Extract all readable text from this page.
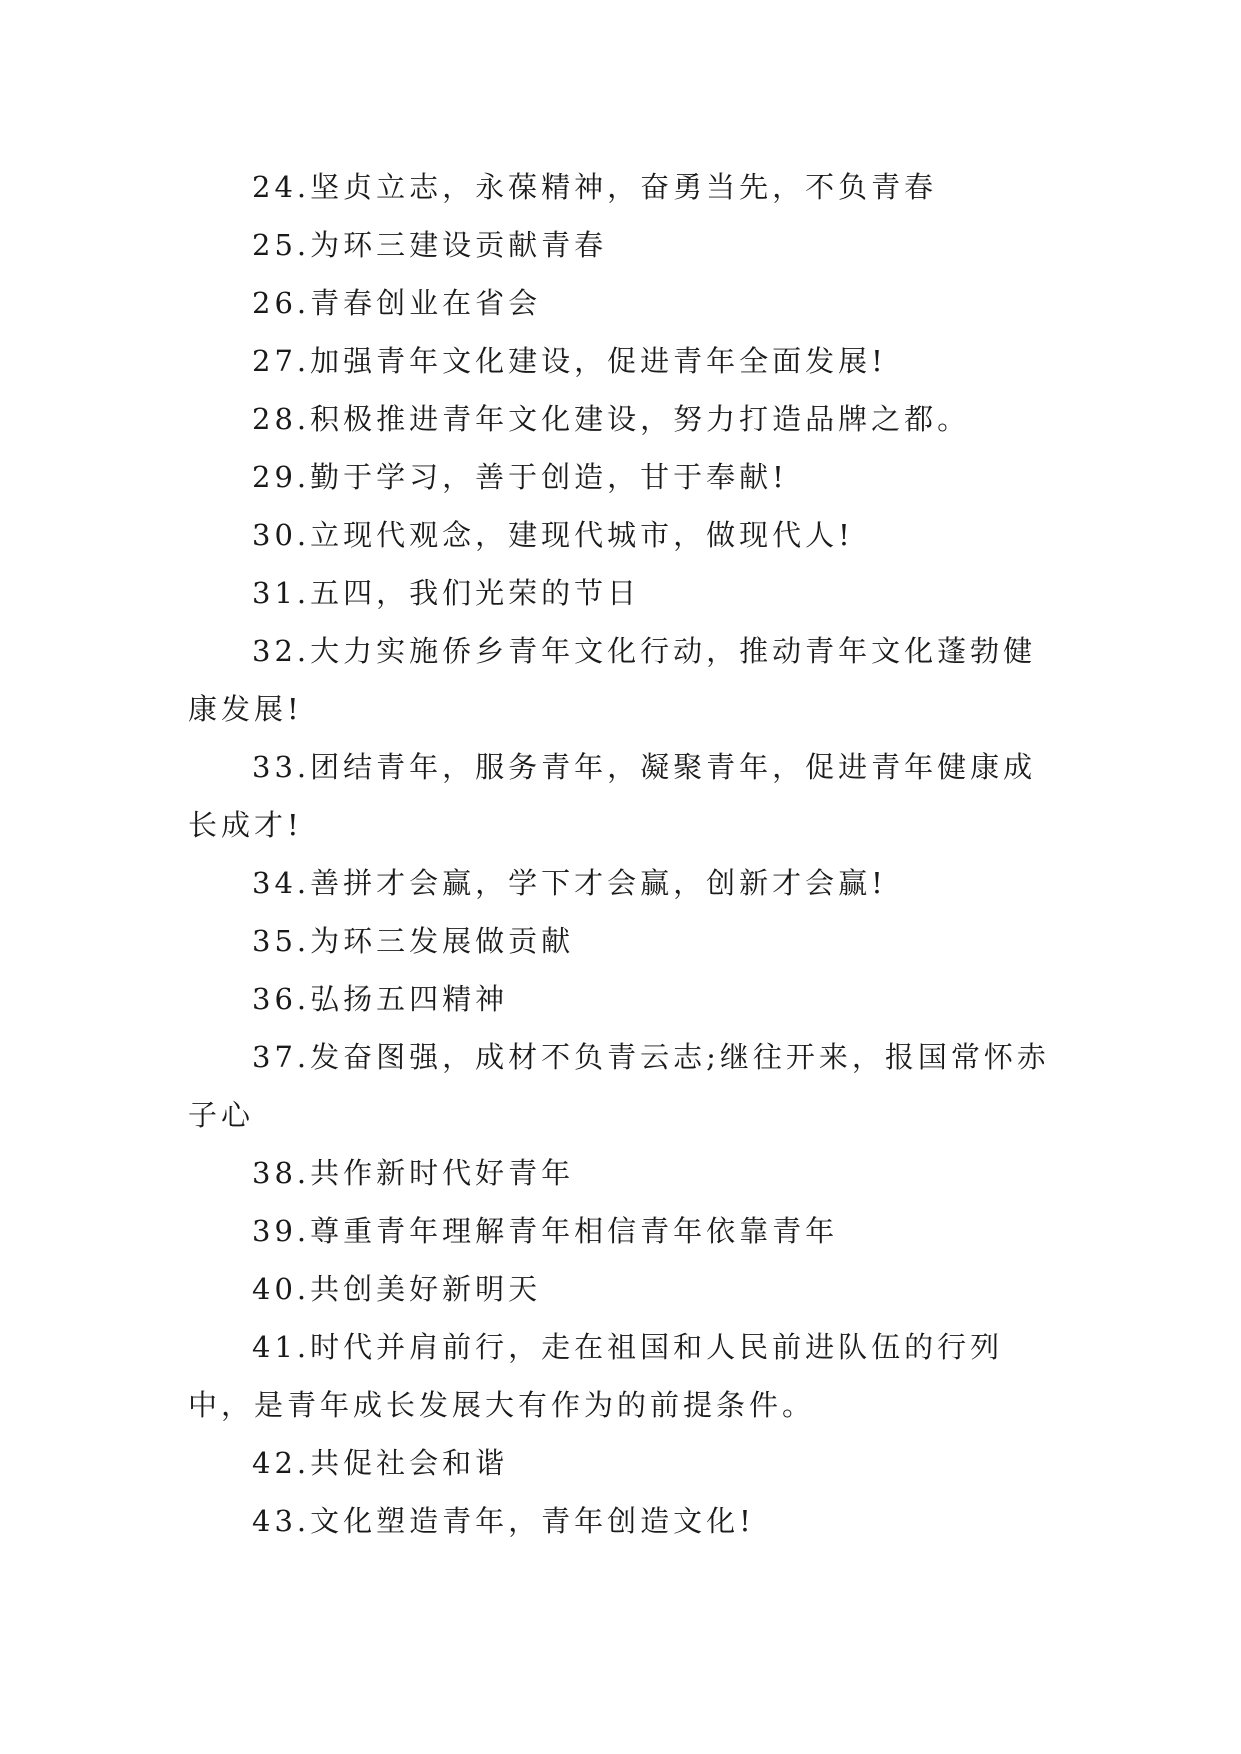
24.坚贞立志，永葆精神，奋勇当先，不负青春

25.为环三建设贡献青春

26.青春创业在省会

27.加强青年文化建设，促进青年全面发展!

28.积极推进青年文化建设，努力打造品牌之都。

29.勤于学习，善于创造，甘于奉献!

30.立现代观念，建现代城市，做现代人!

31.五四，我们光荣的节日

32.大力实施侨乡青年文化行动，推动青年文化蓬勃健康发展!

33.团结青年，服务青年，凝聚青年，促进青年健康成长成才!

34.善拼才会赢，学下才会赢，创新才会赢!

35.为环三发展做贡献

36.弘扬五四精神

37.发奋图强，成材不负青云志;继往开来，报国常怀赤子心

38.共作新时代好青年

39.尊重青年理解青年相信青年依靠青年

40.共创美好新明天

41.时代并肩前行，走在祖国和人民前进队伍的行列中，是青年成长发展大有作为的前提条件。

42.共促社会和谐

43.文化塑造青年，青年创造文化!
